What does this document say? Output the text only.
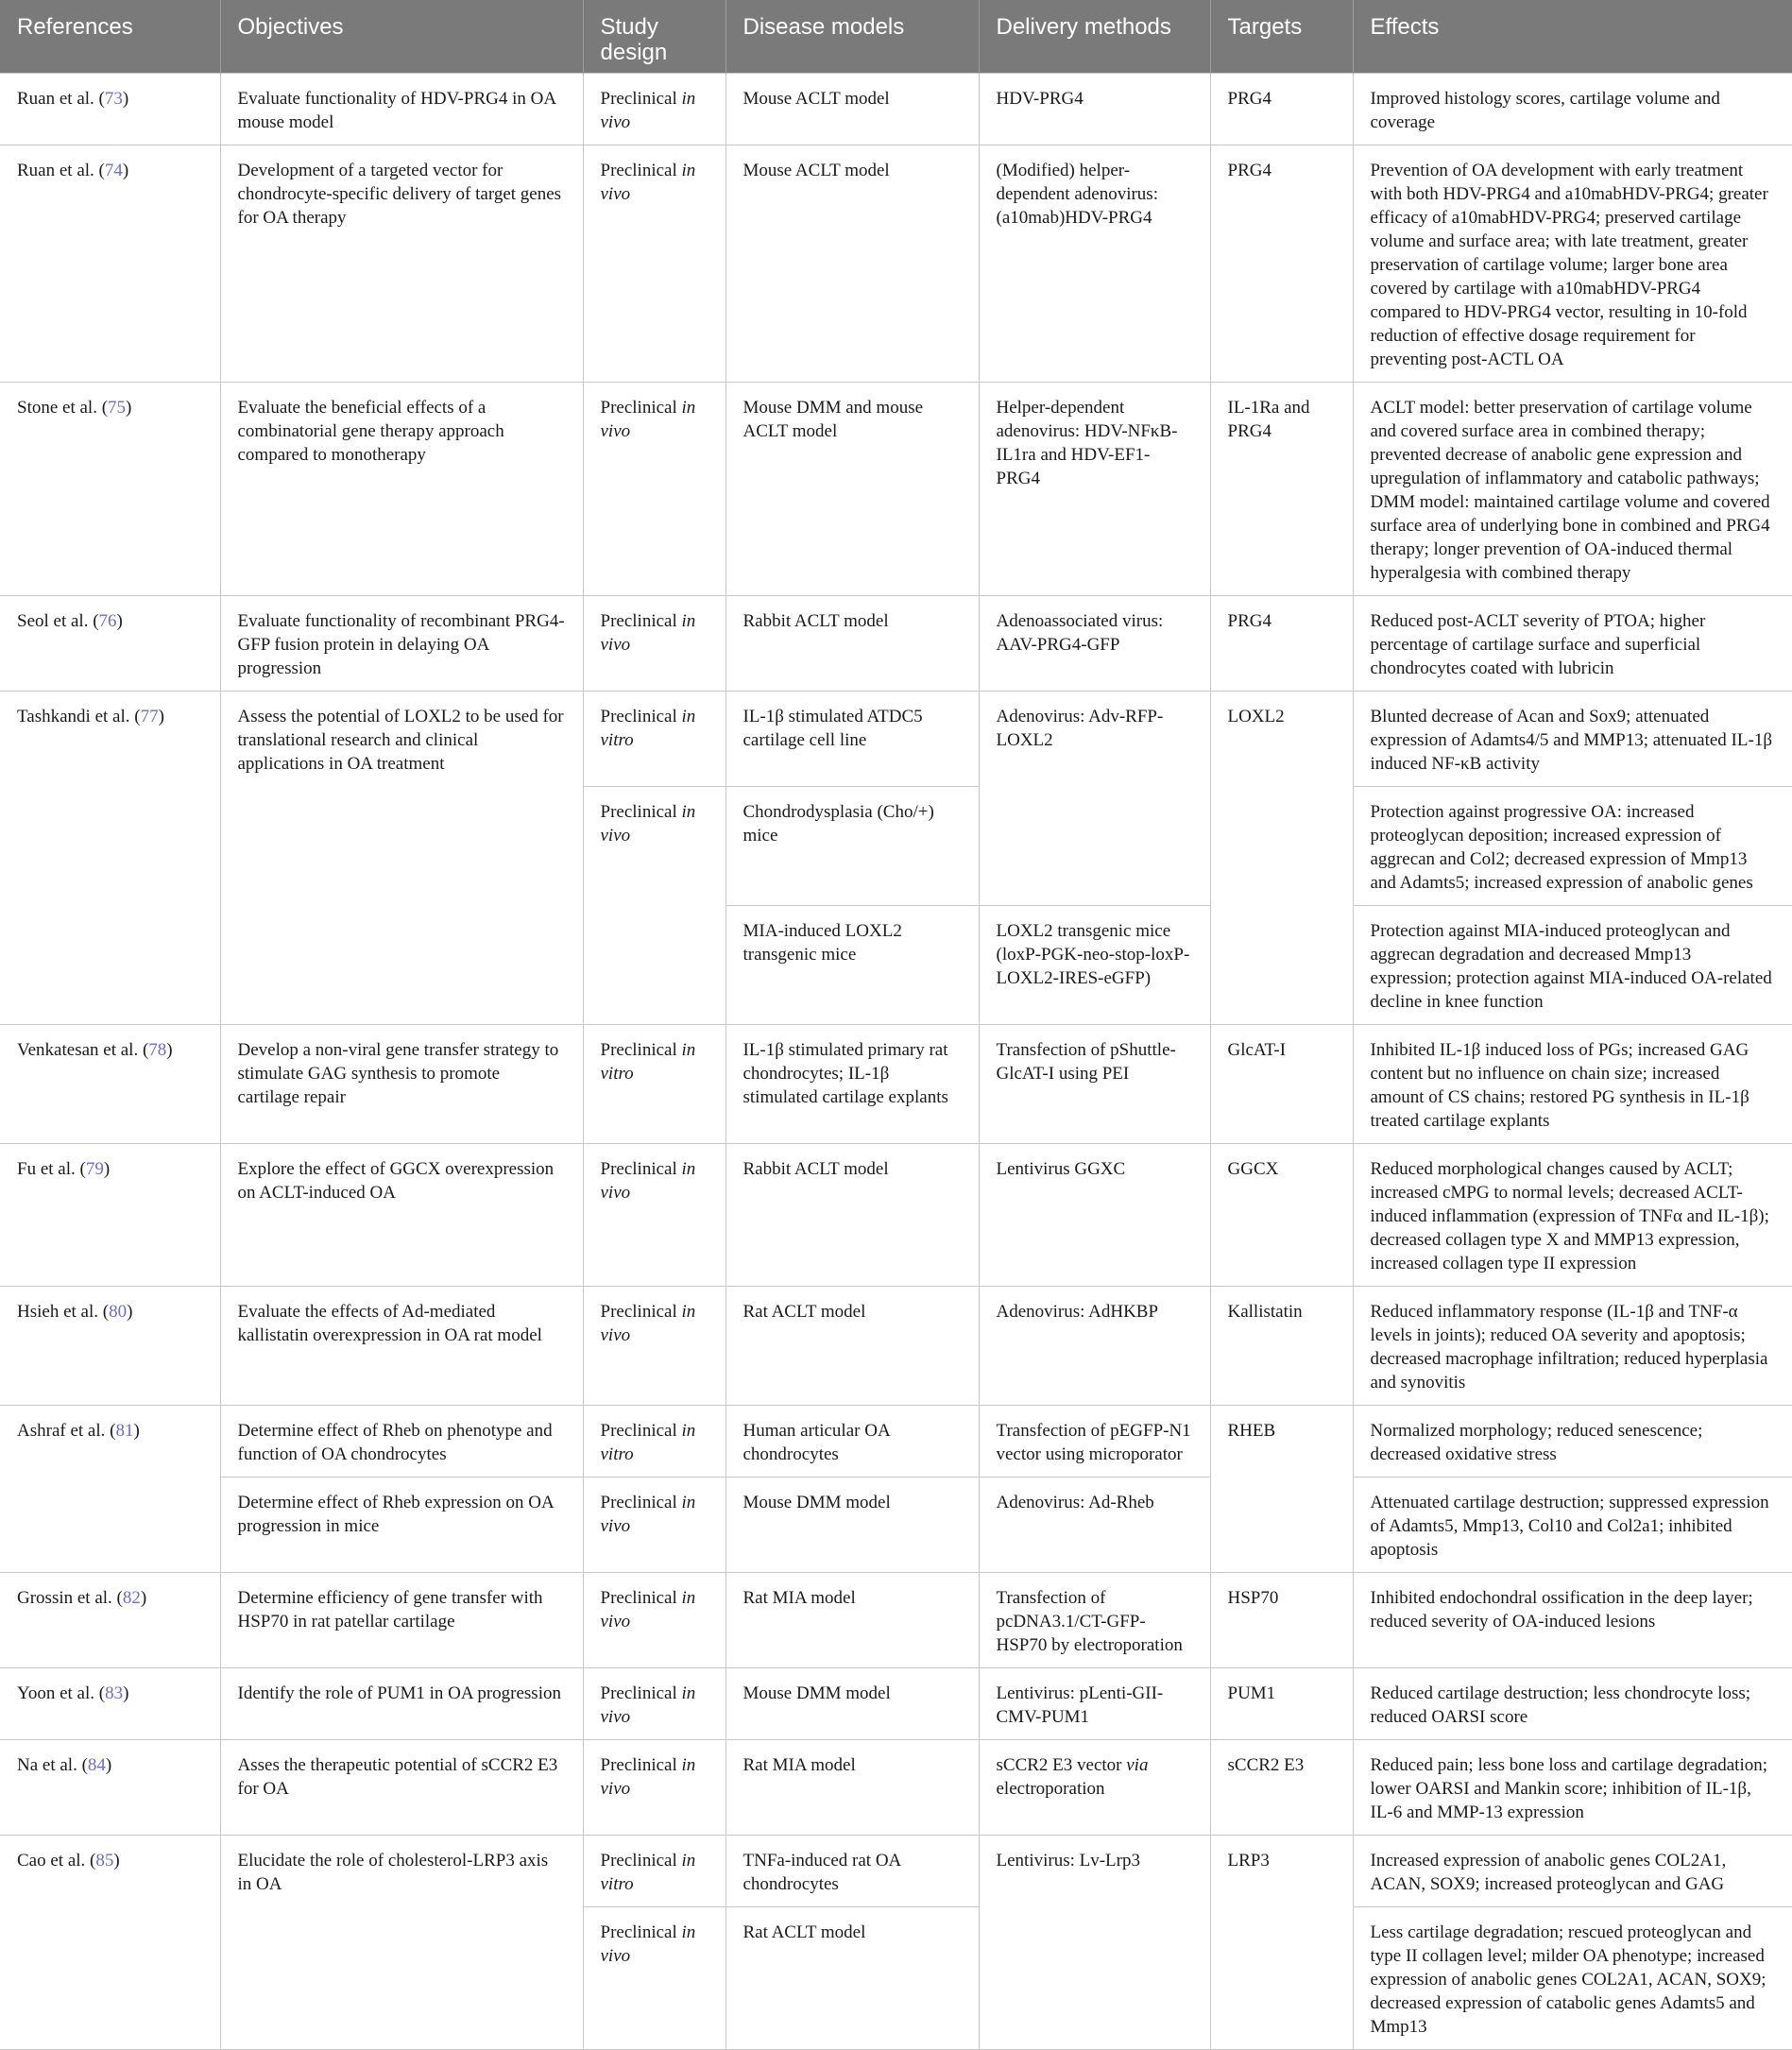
References	Objectives	Study design	Disease models	Delivery methods	Targets	Effects
Ruan et al. (73)	Evaluate functionality of HDV-PRG4 in OA mouse model	Preclinical in vivo	Mouse ACLT model	HDV-PRG4	PRG4	Improved histology scores, cartilage volume and coverage
Ruan et al. (74)	Development of a targeted vector for chondrocyte-specific delivery of target genes for OA therapy	Preclinical in vivo	Mouse ACLT model	(Modified) helper-dependent adenovirus: (a10mab)HDV-PRG4	PRG4	Prevention of OA development with early treatment with both HDV-PRG4 and a10mabHDV-PRG4; greater efficacy of a10mabHDV-PRG4; preserved cartilage volume and surface area; with late treatment, greater preservation of cartilage volume; larger bone area covered by cartilage with a10mabHDV-PRG4 compared to HDV-PRG4 vector, resulting in 10-fold reduction of effective dosage requirement for preventing post-ACTL OA
Stone et al. (75)	Evaluate the beneficial effects of a combinatorial gene therapy approach compared to monotherapy	Preclinical in vivo	Mouse DMM and mouse ACLT model	Helper-dependent adenovirus: HDV-NFκB-IL1ra and HDV-EF1-PRG4	IL-1Ra and PRG4	ACLT model: better preservation of cartilage volume and covered surface area in combined therapy; prevented decrease of anabolic gene expression and upregulation of inflammatory and catabolic pathways; DMM model: maintained cartilage volume and covered surface area of underlying bone in combined and PRG4 therapy; longer prevention of OA-induced thermal hyperalgesia with combined therapy
Seol et al. (76)	Evaluate functionality of recombinant PRG4-GFP fusion protein in delaying OA progression	Preclinical in vivo	Rabbit ACLT model	Adenoassociated virus: AAV-PRG4-GFP	PRG4	Reduced post-ACLT severity of PTOA; higher percentage of cartilage surface and superficial chondrocytes coated with lubricin
Tashkandi et al. (77)	Assess the potential of LOXL2 to be used for translational research and clinical applications in OA treatment	Preclinical in vitro	IL-1β stimulated ATDC5 cartilage cell line	Adenovirus: Adv-RFP-LOXL2	LOXL2	Blunted decrease of Acan and Sox9; attenuated expression of Adamts4/5 and MMP13; attenuated IL-1β induced NF-κB activity
		Preclinical in vivo	Chondrodysplasia (Cho/+) mice			Protection against progressive OA: increased proteoglycan deposition; increased expression of aggrecan and Col2; decreased expression of Mmp13 and Adamts5; increased expression of anabolic genes
			MIA-induced LOXL2 transgenic mice	LOXL2 transgenic mice (loxP-PGK-neo-stop-loxP-LOXL2-IRES-eGFP)		Protection against MIA-induced proteoglycan and aggrecan degradation and decreased Mmp13 expression; protection against MIA-induced OA-related decline in knee function
Venkatesan et al. (78)	Develop a non-viral gene transfer strategy to stimulate GAG synthesis to promote cartilage repair	Preclinical in vitro	IL-1β stimulated primary rat chondrocytes; IL-1β stimulated cartilage explants	Transfection of pShuttle-GlcAT-I using PEI	GlcAT-I	Inhibited IL-1β induced loss of PGs; increased GAG content but no influence on chain size; increased amount of CS chains; restored PG synthesis in IL-1β treated cartilage explants
Fu et al. (79)	Explore the effect of GGCX overexpression on ACLT-induced OA	Preclinical in vivo	Rabbit ACLT model	Lentivirus GGXC	GGCX	Reduced morphological changes caused by ACLT; increased cMPG to normal levels; decreased ACLT-induced inflammation (expression of TNFα and IL-1β); decreased collagen type X and MMP13 expression, increased collagen type II expression
Hsieh et al. (80)	Evaluate the effects of Ad-mediated kallistatin overexpression in OA rat model	Preclinical in vivo	Rat ACLT model	Adenovirus: AdHKBP	Kallistatin	Reduced inflammatory response (IL-1β and TNF-α levels in joints); reduced OA severity and apoptosis; decreased macrophage infiltration; reduced hyperplasia and synovitis
Ashraf et al. (81)	Determine effect of Rheb on phenotype and function of OA chondrocytes	Preclinical in vitro	Human articular OA chondrocytes	Transfection of pEGFP-N1 vector using microporator	RHEB	Normalized morphology; reduced senescence; decreased oxidative stress
	Determine effect of Rheb expression on OA progression in mice	Preclinical in vivo	Mouse DMM model	Adenovirus: Ad-Rheb		Attenuated cartilage destruction; suppressed expression of Adamts5, Mmp13, Col10 and Col2a1; inhibited apoptosis
Grossin et al. (82)	Determine efficiency of gene transfer with HSP70 in rat patellar cartilage	Preclinical in vivo	Rat MIA model	Transfection of pcDNA3.1/CT-GFP-HSP70 by electroporation	HSP70	Inhibited endochondral ossification in the deep layer; reduced severity of OA-induced lesions
Yoon et al. (83)	Identify the role of PUM1 in OA progression	Preclinical in vivo	Mouse DMM model	Lentivirus: pLenti-GII-CMV-PUM1	PUM1	Reduced cartilage destruction; less chondrocyte loss; reduced OARSI score
Na et al. (84)	Asses the therapeutic potential of sCCR2 E3 for OA	Preclinical in vivo	Rat MIA model	sCCR2 E3 vector via electroporation	sCCR2 E3	Reduced pain; less bone loss and cartilage degradation; lower OARSI and Mankin score; inhibition of IL-1β, IL-6 and MMP-13 expression
Cao et al. (85)	Elucidate the role of cholesterol-LRP3 axis in OA	Preclinical in vitro	TNFa-induced rat OA chondrocytes	Lentivirus: Lv-Lrp3	LRP3	Increased expression of anabolic genes COL2A1, ACAN, SOX9; increased proteoglycan and GAG
		Preclinical in vivo	Rat ACLT model			Less cartilage degradation; rescued proteoglycan and type II collagen level; milder OA phenotype; increased expression of anabolic genes COL2A1, ACAN, SOX9; decreased expression of catabolic genes Adamts5 and Mmp13
